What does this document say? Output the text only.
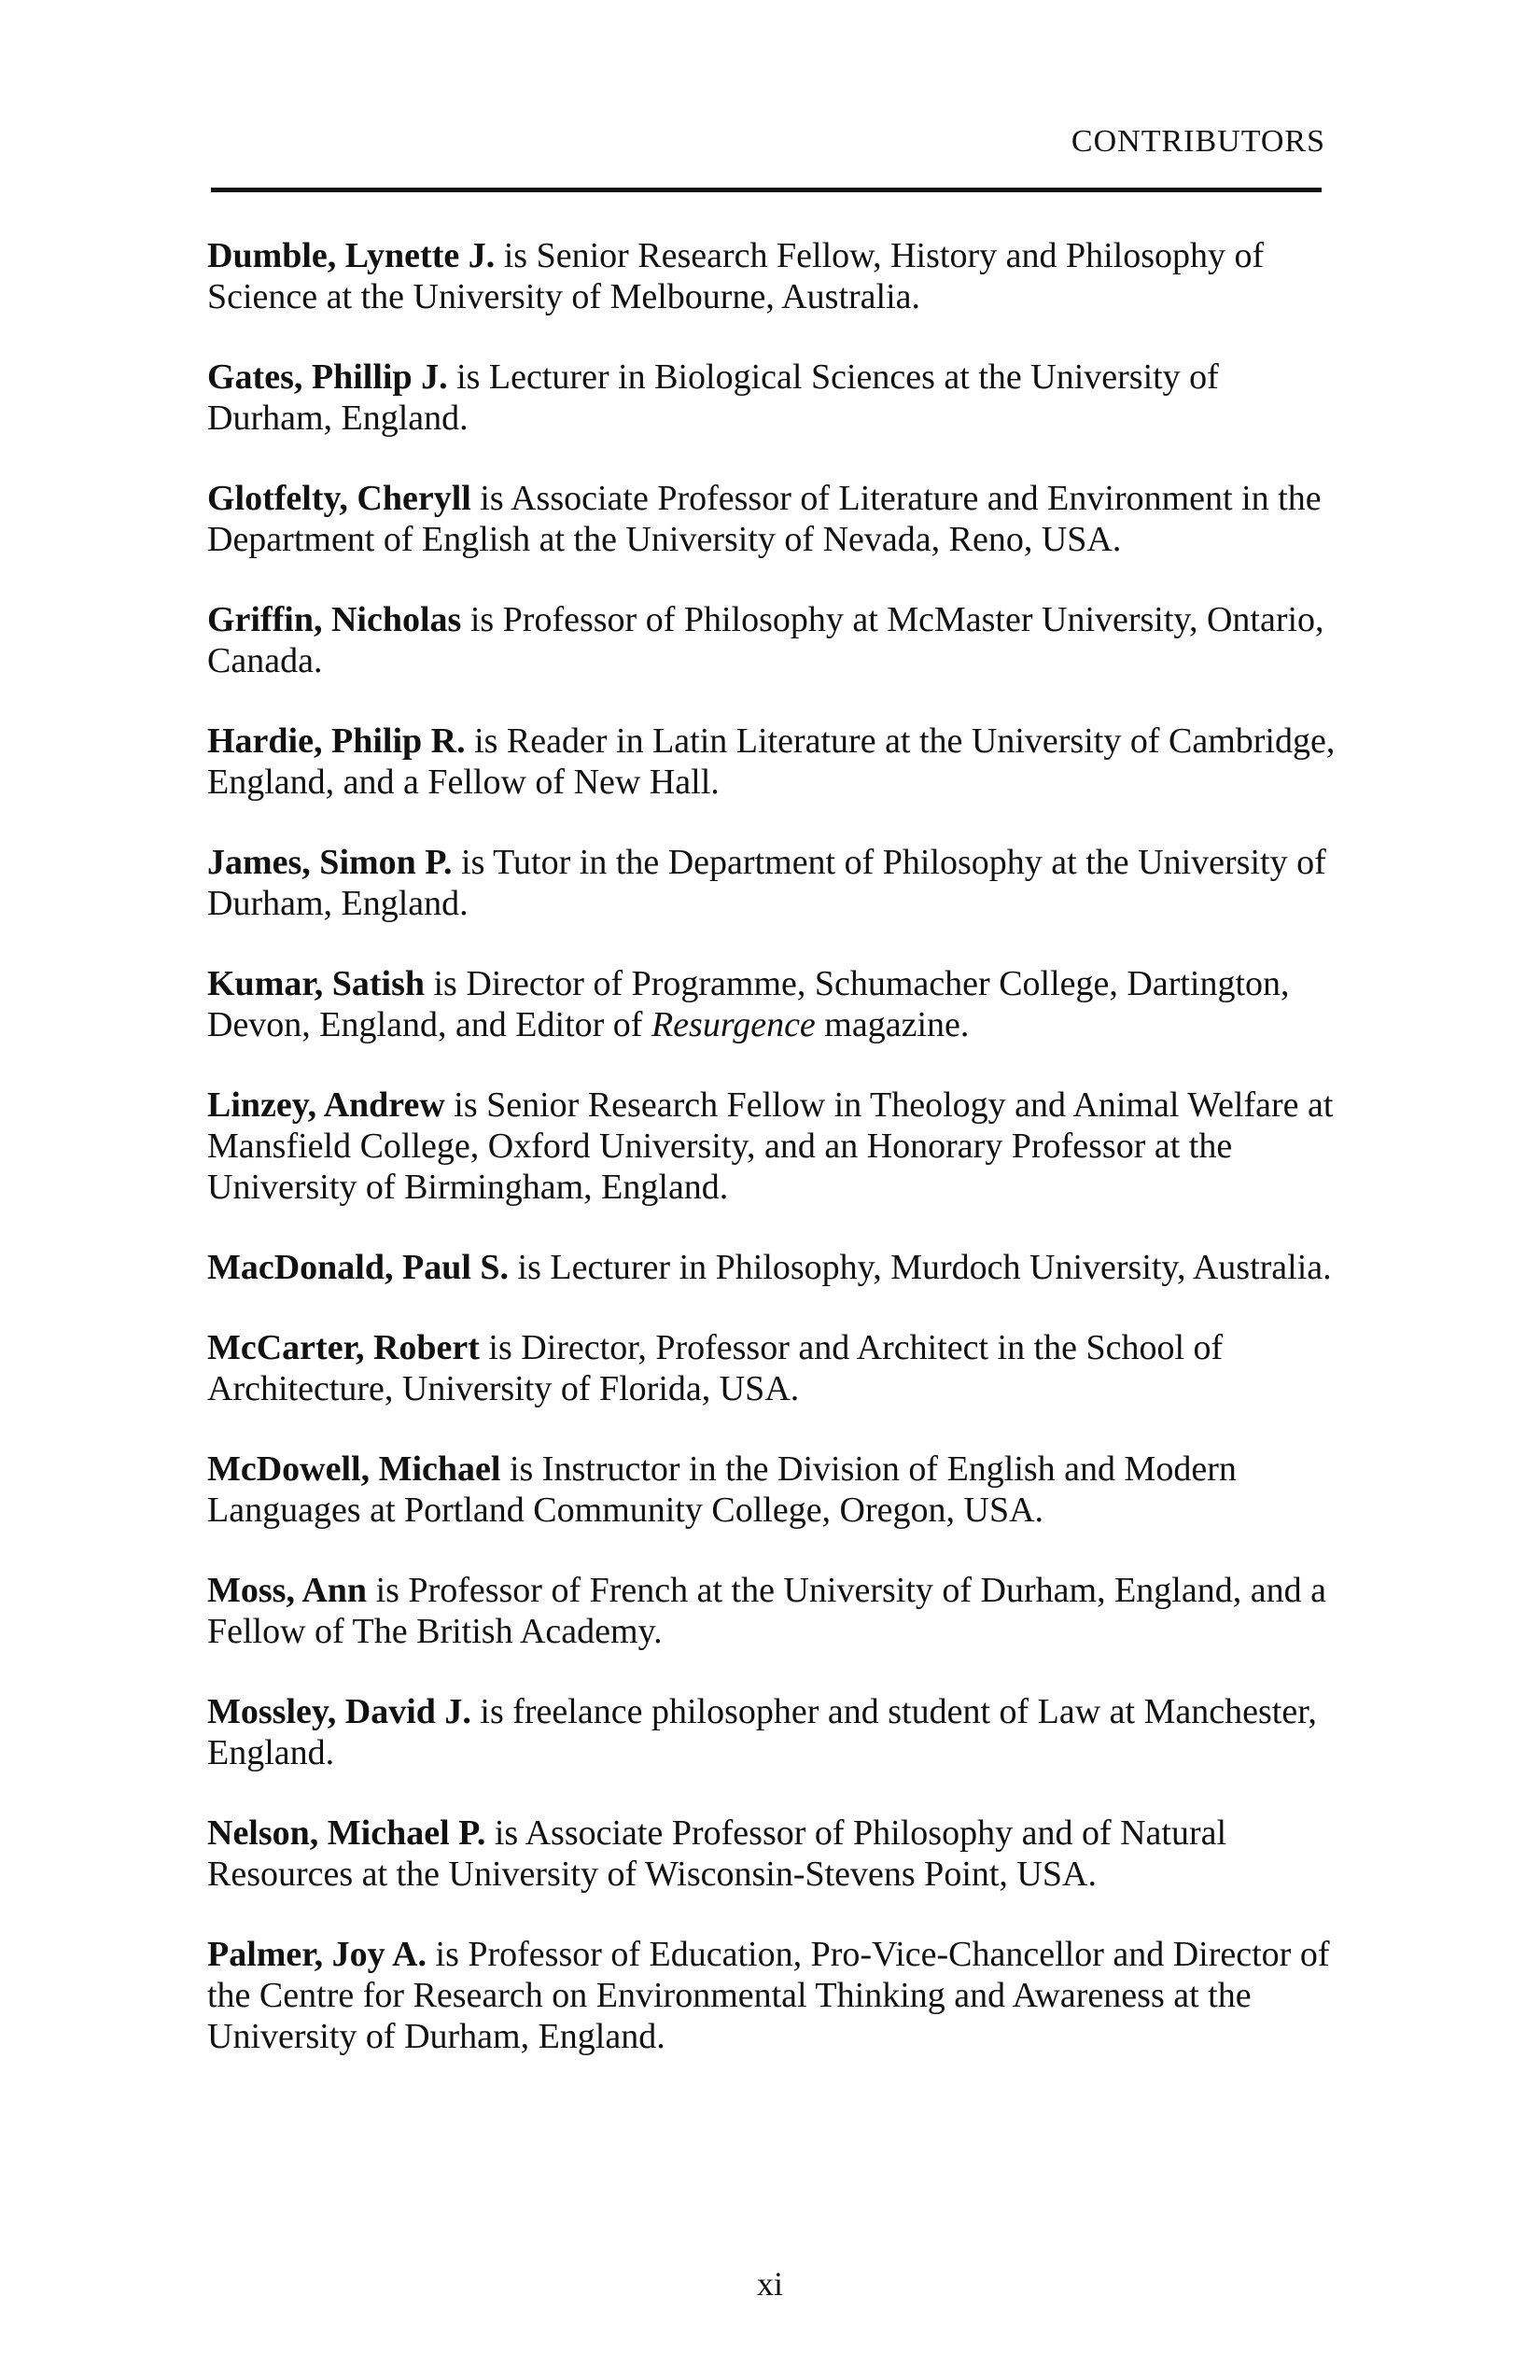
CONTRIBUTORS

Dumble, Lynette J. is Senior Research Fellow, History and Philosophy of Science at the University of Melbourne, Australia.

Gates, Phillip J. is Lecturer in Biological Sciences at the University of Durham, England.

Glotfelty, Cheryll is Associate Professor of Literature and Environment in the Department of English at the University of Nevada, Reno, USA.

Griffin, Nicholas is Professor of Philosophy at McMaster University, Ontario, Canada.

Hardie, Philip R. is Reader in Latin Literature at the University of Cambridge, England, and a Fellow of New Hall.

James, Simon P. is Tutor in the Department of Philosophy at the University of Durham, England.

Kumar, Satish is Director of Programme, Schumacher College, Dartington, Devon, England, and Editor of Resurgence magazine.

Linzey, Andrew is Senior Research Fellow in Theology and Animal Welfare at Mansfield College, Oxford University, and an Honorary Professor at the University of Birmingham, England.

MacDonald, Paul S. is Lecturer in Philosophy, Murdoch University, Australia.

McCarter, Robert is Director, Professor and Architect in the School of Architecture, University of Florida, USA.

McDowell, Michael is Instructor in the Division of English and Modern Languages at Portland Community College, Oregon, USA.

Moss, Ann is Professor of French at the University of Durham, England, and a Fellow of The British Academy.

Mossley, David J. is freelance philosopher and student of Law at Manchester, England.

Nelson, Michael P. is Associate Professor of Philosophy and of Natural Resources at the University of Wisconsin-Stevens Point, USA.

Palmer, Joy A. is Professor of Education, Pro-Vice-Chancellor and Director of the Centre for Research on Environmental Thinking and Awareness at the University of Durham, England.

xi
